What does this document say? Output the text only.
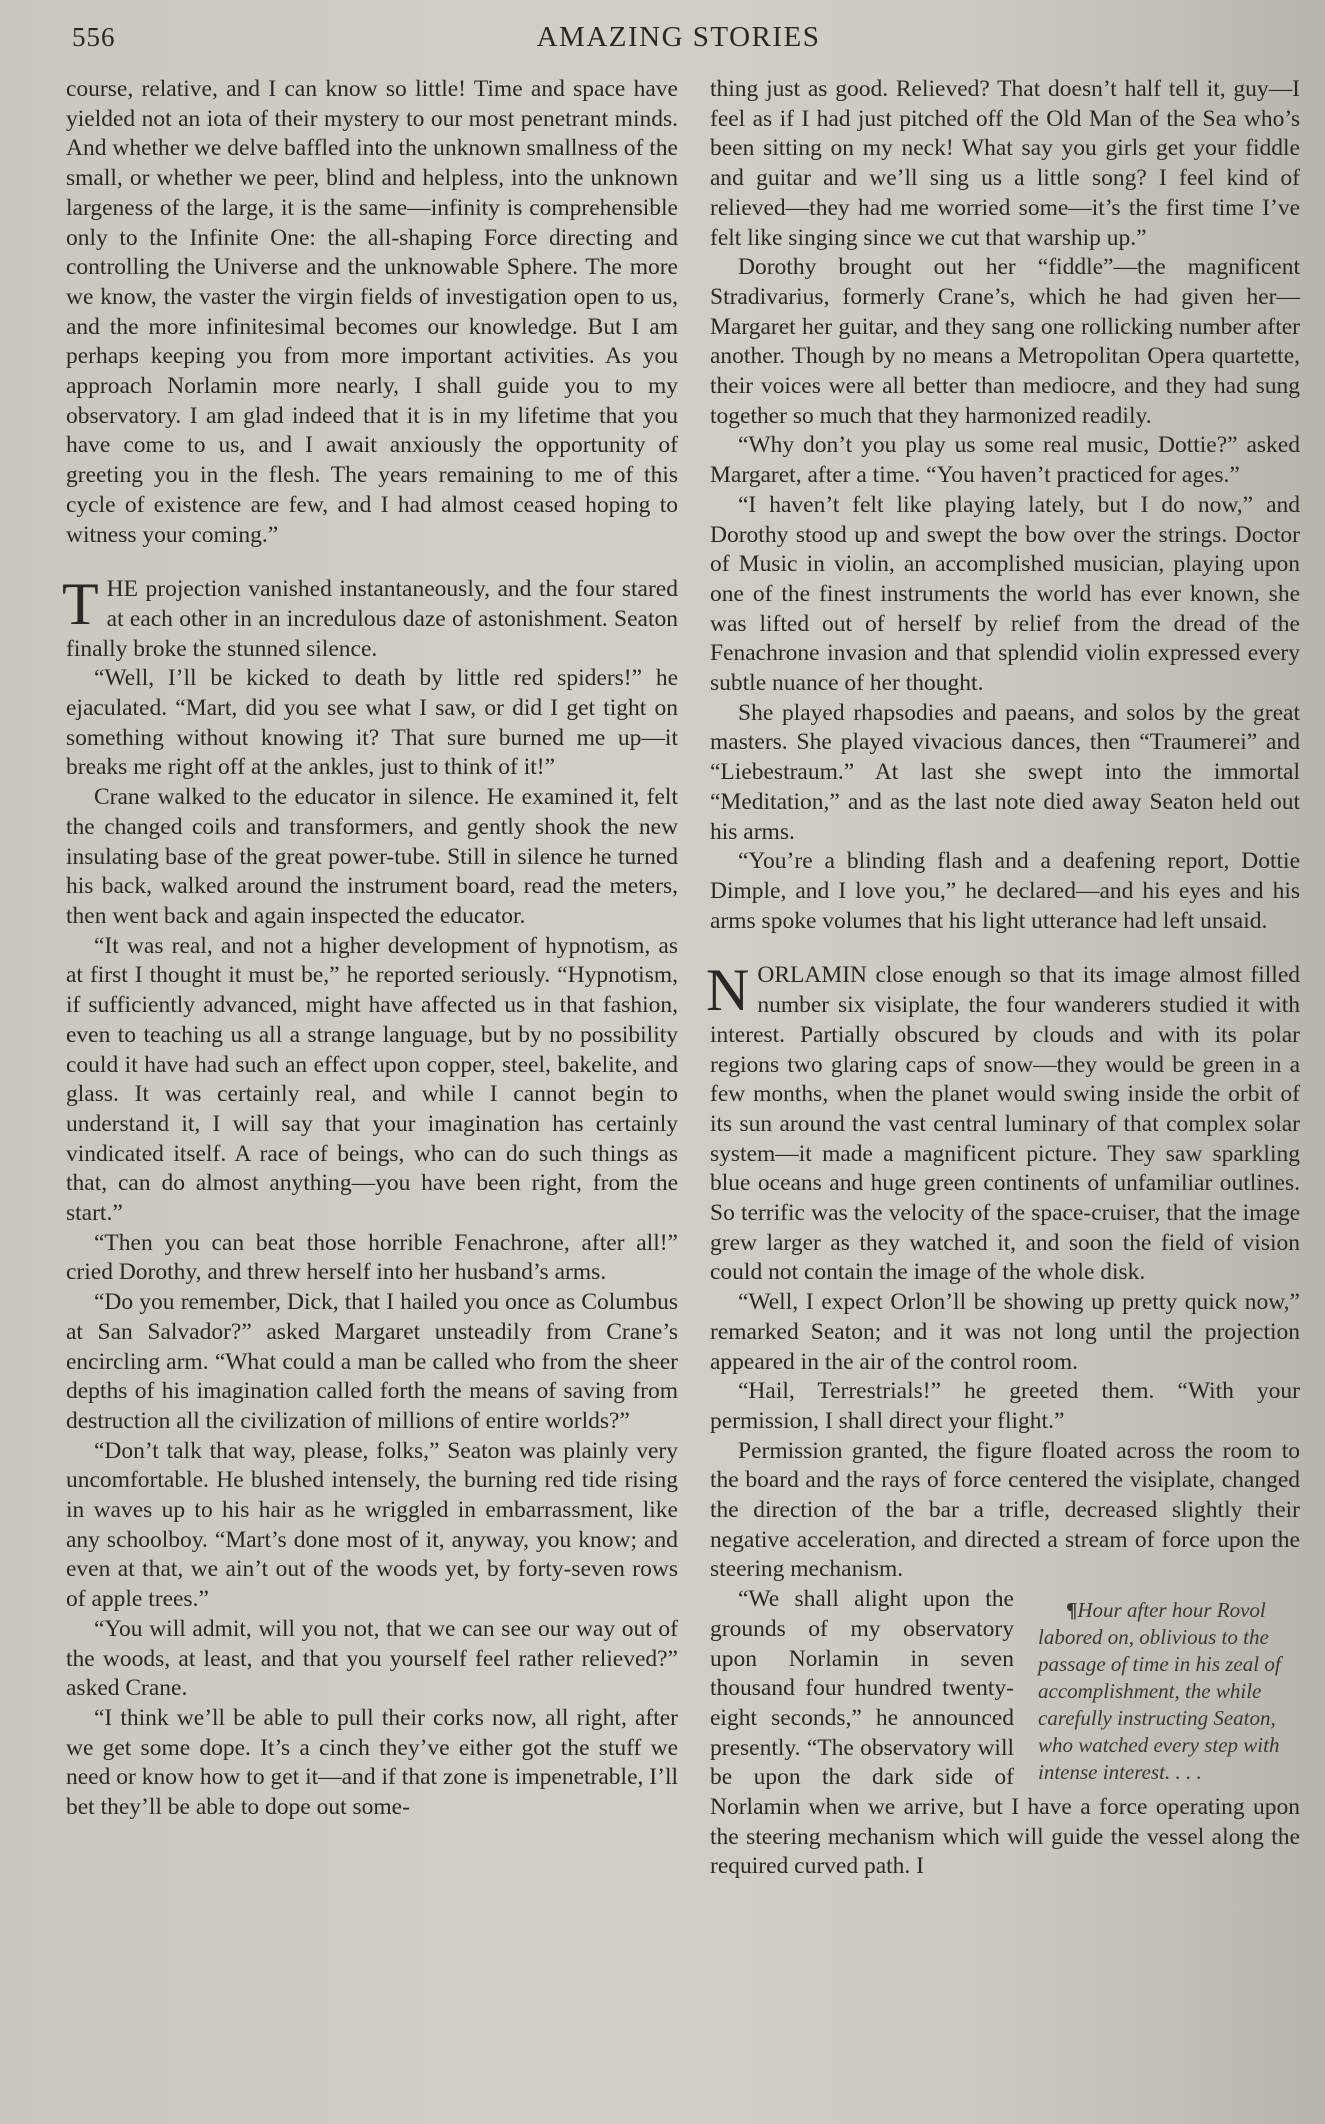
556	AMAZING STORIES

course, relative, and I can know so little! Time and space have yielded not an iota of their mystery to our most penetrant minds. And whether we delve baffled into the unknown smallness of the small, or whether we peer, blind and helpless, into the unknown largeness of the large, it is the same—infinity is comprehensible only to the Infinite One: the all-shaping Force directing and controlling the Universe and the unknowable Sphere. The more we know, the vaster the virgin fields of investigation open to us, and the more infinitesimal becomes our knowledge. But I am perhaps keeping you from more important activities. As you approach Norlamin more nearly, I shall guide you to my observatory. I am glad indeed that it is in my lifetime that you have come to us, and I await anxiously the opportunity of greeting you in the flesh. The years remaining to me of this cycle of existence are few, and I had almost ceased hoping to witness your coming.”

THE projection vanished instantaneously, and the four stared at each other in an incredulous daze of astonishment. Seaton finally broke the stunned silence.

“Well, I’ll be kicked to death by little red spiders!” he ejaculated. “Mart, did you see what I saw, or did I get tight on something without knowing it? That sure burned me up—it breaks me right off at the ankles, just to think of it!”

Crane walked to the educator in silence. He examined it, felt the changed coils and transformers, and gently shook the new insulating base of the great power-tube. Still in silence he turned his back, walked around the instrument board, read the meters, then went back and again inspected the educator.

“It was real, and not a higher development of hypnotism, as at first I thought it must be,” he reported seriously. “Hypnotism, if sufficiently advanced, might have affected us in that fashion, even to teaching us all a strange language, but by no possibility could it have had such an effect upon copper, steel, bakelite, and glass. It was certainly real, and while I cannot begin to understand it, I will say that your imagination has certainly vindicated itself. A race of beings, who can do such things as that, can do almost anything—you have been right, from the start.”

“Then you can beat those horrible Fenachrone, after all!” cried Dorothy, and threw herself into her husband’s arms.

“Do you remember, Dick, that I hailed you once as Columbus at San Salvador?” asked Margaret unsteadily from Crane’s encircling arm. “What could a man be called who from the sheer depths of his imagination called forth the means of saving from destruction all the civilization of millions of entire worlds?”

“Don’t talk that way, please, folks,” Seaton was plainly very uncomfortable. He blushed intensely, the burning red tide rising in waves up to his hair as he wriggled in embarrassment, like any schoolboy. “Mart’s done most of it, anyway, you know; and even at that, we ain’t out of the woods yet, by forty-seven rows of apple trees.”

“You will admit, will you not, that we can see our way out of the woods, at least, and that you yourself feel rather relieved?” asked Crane.

“I think we’ll be able to pull their corks now, all right, after we get some dope. It’s a cinch they’ve either got the stuff we need or know how to get it—and if that zone is impenetrable, I’ll bet they’ll be able to dope out some-

thing just as good. Relieved? That doesn’t half tell it, guy—I feel as if I had just pitched off the Old Man of the Sea who’s been sitting on my neck! What say you girls get your fiddle and guitar and we’ll sing us a little song? I feel kind of relieved—they had me worried some—it’s the first time I’ve felt like singing since we cut that warship up.”

Dorothy brought out her “fiddle”—the magnificent Stradivarius, formerly Crane’s, which he had given her—Margaret her guitar, and they sang one rollicking number after another. Though by no means a Metropolitan Opera quartette, their voices were all better than mediocre, and they had sung together so much that they harmonized readily.

“Why don’t you play us some real music, Dottie?” asked Margaret, after a time. “You haven’t practiced for ages.”

“I haven’t felt like playing lately, but I do now,” and Dorothy stood up and swept the bow over the strings. Doctor of Music in violin, an accomplished musician, playing upon one of the finest instruments the world has ever known, she was lifted out of herself by relief from the dread of the Fenachrone invasion and that splendid violin expressed every subtle nuance of her thought.

She played rhapsodies and paeans, and solos by the great masters. She played vivacious dances, then “Traumerei” and “Liebestraum.” At last she swept into the immortal “Meditation,” and as the last note died away Seaton held out his arms.

“You’re a blinding flash and a deafening report, Dottie Dimple, and I love you,” he declared—and his eyes and his arms spoke volumes that his light utterance had left unsaid.

NORLAMIN close enough so that its image almost filled number six visiplate, the four wanderers studied it with interest. Partially obscured by clouds and with its polar regions two glaring caps of snow—they would be green in a few months, when the planet would swing inside the orbit of its sun around the vast central luminary of that complex solar system—it made a magnificent picture. They saw sparkling blue oceans and huge green continents of unfamiliar outlines. So terrific was the velocity of the space-cruiser, that the image grew larger as they watched it, and soon the field of vision could not contain the image of the whole disk.

“Well, I expect Orlon’ll be showing up pretty quick now,” remarked Seaton; and it was not long until the projection appeared in the air of the control room.

“Hail, Terrestrials!” he greeted them. “With your permission, I shall direct your flight.”

Permission granted, the figure floated across the room to the board and the rays of force centered the visiplate, changed the direction of the bar a trifle, decreased slightly their negative acceleration, and directed a stream of force upon the steering mechanism.

¶Hour after hour Rovol labored on, oblivious to the passage of time in his zeal of accomplishment, the while carefully instructing Seaton, who watched every step with intense interest. . . .
“We shall alight upon the grounds of my observatory upon Norlamin in seven thousand four hundred twenty-eight seconds,” he announced presently. “The observatory will be upon the dark side of Norlamin when we arrive, but I have a force operating upon the steering mechanism which will guide the vessel along the required curved path. I
